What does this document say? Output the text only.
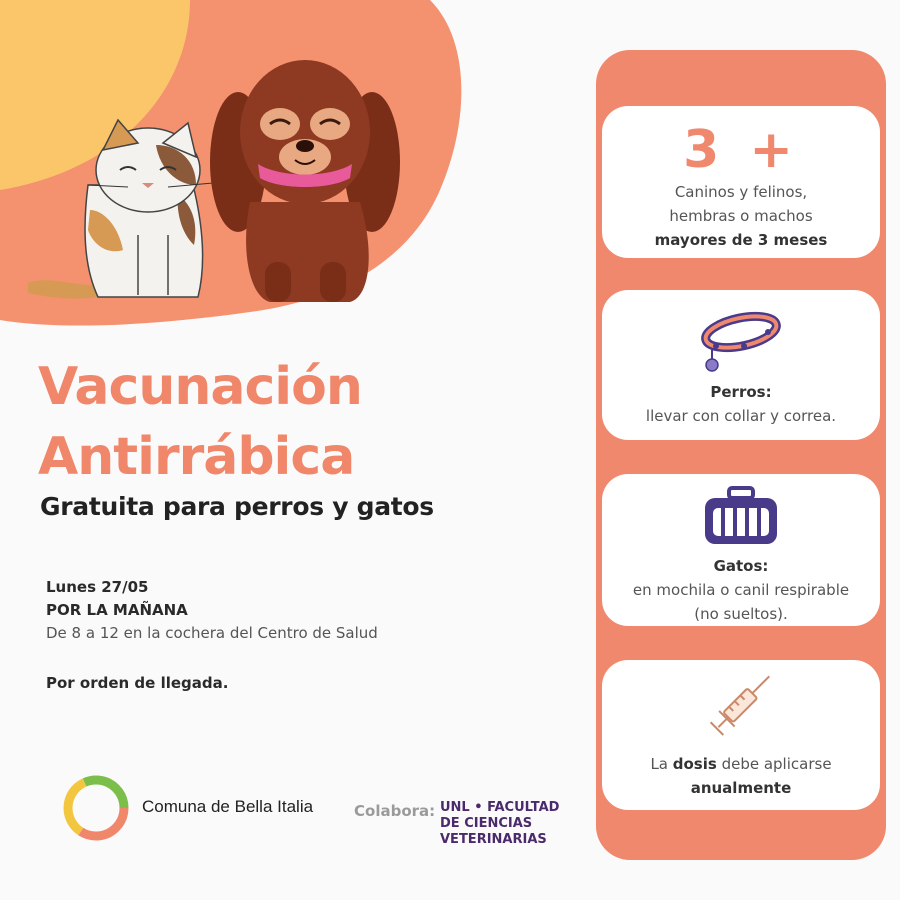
Vacunación
Antirrábica
Gratuita para perros y gatos
Lunes 27/05
POR LA MAÑANA
De 8 a 12 en la cochera del Centro de Salud
Por orden de llegada.
3 +
Caninos y felinos,
hembras o machos
mayores de 3 meses
Perros:
llevar con collar y correa.
Gatos:
en mochila o canil respirable
(no sueltos).
La dosis debe aplicarse
anualmente
Comuna de Bella Italia	Colabora: UNL • FACULTAD
DE CIENCIAS
VETERINARIAS
